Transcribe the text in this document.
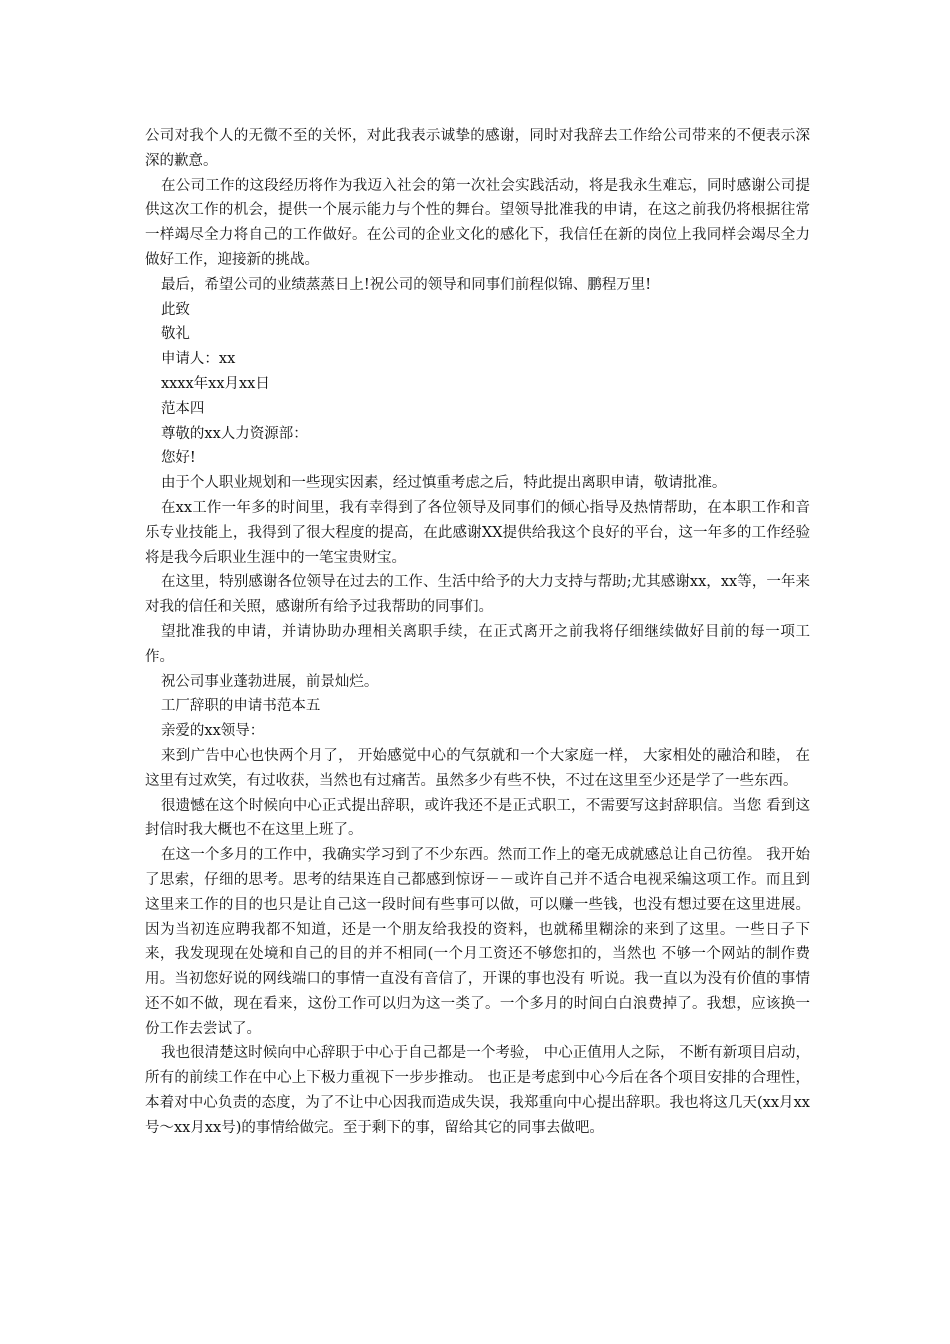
公司对我个人的无微不至的关怀，对此我表示诚挚的感谢，同时对我辞去工作给公司带来的不便表示深深的歉意。

在公司工作的这段经历将作为我迈入社会的第一次社会实践活动，将是我永生难忘，同时感谢公司提供这次工作的机会，提供一个展示能力与个性的舞台。望领导批准我的申请，在这之前我仍将根据往常一样竭尽全力将自己的工作做好。在公司的企业文化的感化下，我信任在新的岗位上我同样会竭尽全力做好工作，迎接新的挑战。

最后，希望公司的业绩蒸蒸日上!祝公司的领导和同事们前程似锦、鹏程万里!

此致

敬礼

申请人：xx

xxxx年xx月xx日

范本四

尊敬的xx人力资源部：

您好!

由于个人职业规划和一些现实因素，经过慎重考虑之后，特此提出离职申请，敬请批准。

在xx工作一年多的时间里，我有幸得到了各位领导及同事们的倾心指导及热情帮助，在本职工作和音乐专业技能上，我得到了很大程度的提高，在此感谢XX提供给我这个良好的平台，这一年多的工作经验将是我今后职业生涯中的一笔宝贵财宝。

在这里，特别感谢各位领导在过去的工作、生活中给予的大力支持与帮助;尤其感谢xx，xx等，一年来对我的信任和关照，感谢所有给予过我帮助的同事们。

望批准我的申请，并请协助办理相关离职手续，在正式离开之前我将仔细继续做好目前的每一项工作。

祝公司事业蓬勃进展，前景灿烂。

工厂辞职的申请书范本五

亲爱的xx领导：

来到广告中心也快两个月了， 开始感觉中心的气氛就和一个大家庭一样， 大家相处的融洽和睦， 在这里有过欢笑，有过收获，当然也有过痛苦。虽然多少有些不快，不过在这里至少还是学了一些东西。

很遗憾在这个时候向中心正式提出辞职，或许我还不是正式职工，不需要写这封辞职信。当您 看到这封信时我大概也不在这里上班了。

在这一个多月的工作中，我确实学习到了不少东西。然而工作上的毫无成就感总让自己彷徨。 我开始了思索，仔细的思考。思考的结果连自己都感到惊讶－－或许自己并不适合电视采编这项工作。而且到这里来工作的目的也只是让自己这一段时间有些事可以做，可以赚一些钱，也没有想过要在这里进展。因为当初连应聘我都不知道，还是一个朋友给我投的资料，也就稀里糊涂的来到了这里。一些日子下来，我发现现在处境和自己的目的并不相同(一个月工资还不够您扣的，当然也 不够一个网站的制作费用。当初您好说的网线端口的事情一直没有音信了，开课的事也没有 听说。我一直以为没有价值的事情还不如不做，现在看来，这份工作可以归为这一类了。一个多月的时间白白浪费掉了。我想，应该换一份工作去尝试了。

我也很清楚这时候向中心辞职于中心于自己都是一个考验， 中心正值用人之际， 不断有新项目启动， 所有的前续工作在中心上下极力重视下一步步推动。 也正是考虑到中心今后在各个项目安排的合理性，本着对中心负责的态度，为了不让中心因我而造成失误，我郑重向中心提出辞职。我也将这几天(xx月xx号～xx月xx号)的事情给做完。至于剩下的事，留给其它的同事去做吧。
